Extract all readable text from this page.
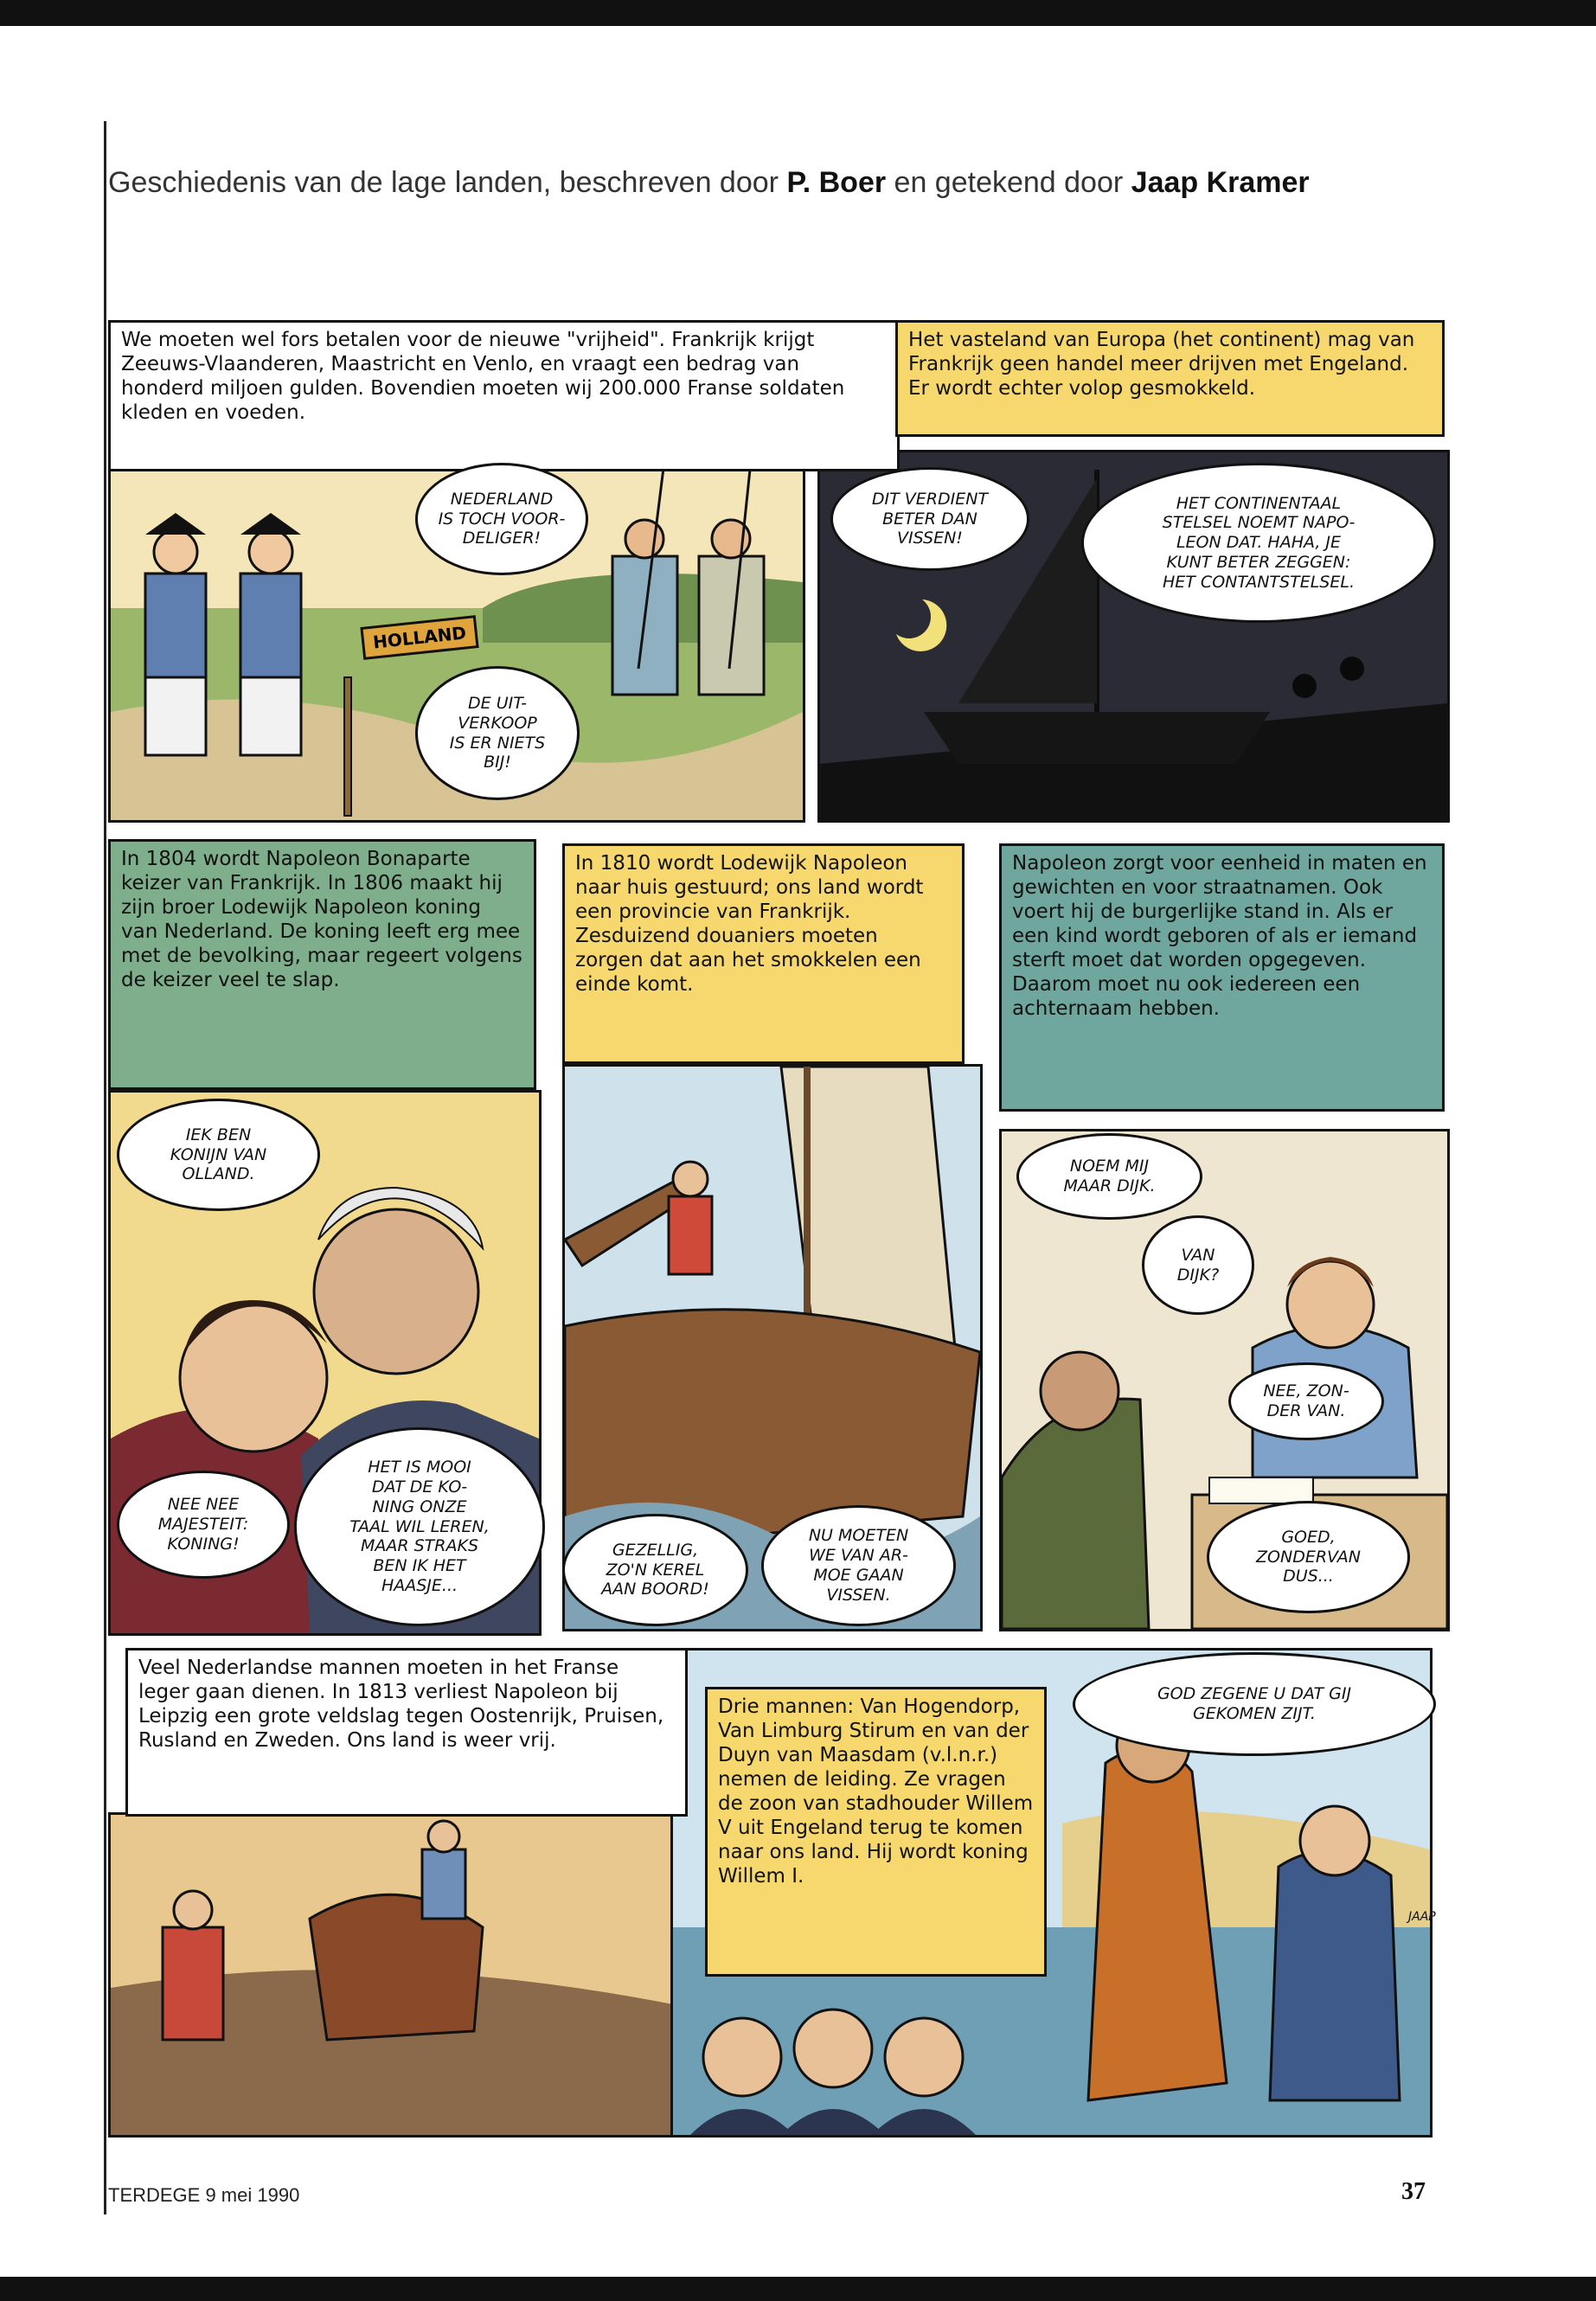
Geschiedenis van de lage landen, beschreven door P. Boer en getekend door Jaap Kramer
We moeten wel fors betalen voor de nieuwe "vrijheid". Frankrijk krijgt Zeeuws-Vlaanderen, Maastricht en Venlo, en vraagt een bedrag van honderd miljoen gulden. Bovendien moeten wij 200.000 Franse soldaten kleden en voeden.
HOLLAND
NEDERLAND
IS TOCH VOOR-
DELIGER!
DE UIT-
VERKOOP
IS ER NIETS
BIJ!
Het vasteland van Europa (het continent) mag van Frankrijk geen handel meer drijven met Engeland. Er wordt echter volop gesmokkeld.
DIT VERDIENT
BETER DAN
VISSEN!
HET CONTINENTAAL
STELSEL NOEMT NAPO-
LEON DAT. HAHA, JE
KUNT BETER ZEGGEN:
HET CONTANTSTELSEL.
In 1804 wordt Napoleon Bonaparte keizer van Frankrijk. In 1806 maakt hij zijn broer Lodewijk Napoleon koning van Nederland. De koning leeft erg mee met de bevolking, maar regeert volgens de keizer veel te slap.
IEK BEN
KONIJN VAN
OLLAND.
NEE NEE
MAJESTEIT:
KONING!
HET IS MOOI
DAT DE KO-
NING ONZE
TAAL WIL LEREN,
MAAR STRAKS
BEN IK HET
HAASJE...
In 1810 wordt Lodewijk Napoleon naar huis gestuurd; ons land wordt een provincie van Frankrijk. Zesduizend douaniers moeten zorgen dat aan het smokkelen een einde komt.
GEZELLIG,
ZO'N KEREL
AAN BOORD!
NU MOETEN
WE VAN AR-
MOE GAAN
VISSEN.
Napoleon zorgt voor eenheid in maten en gewichten en voor straatnamen. Ook voert hij de burgerlijke stand in. Als er een kind wordt geboren of als er iemand sterft moet dat worden opgegeven. Daarom moet nu ook iedereen een achternaam hebben.
NOEM MIJ
MAAR DIJK.
VAN
DIJK?
NEE, ZON-
DER VAN.
GOED,
ZONDERVAN
DUS...
Veel Nederlandse mannen moeten in het Franse leger gaan dienen. In 1813 verliest Napoleon bij Leipzig een grote veldslag tegen Oostenrijk, Pruisen, Rusland en Zweden. Ons land is weer vrij.
JAAP
Drie mannen: Van Hogendorp, Van Limburg Stirum en van der Duyn van Maasdam (v.l.n.r.) nemen de leiding. Ze vragen de zoon van stadhouder Willem V uit Engeland terug te komen naar ons land. Hij wordt koning Willem I.
GOD ZEGENE U DAT GIJ
GEKOMEN ZIJT.
TERDEGE 9 mei 1990	37
